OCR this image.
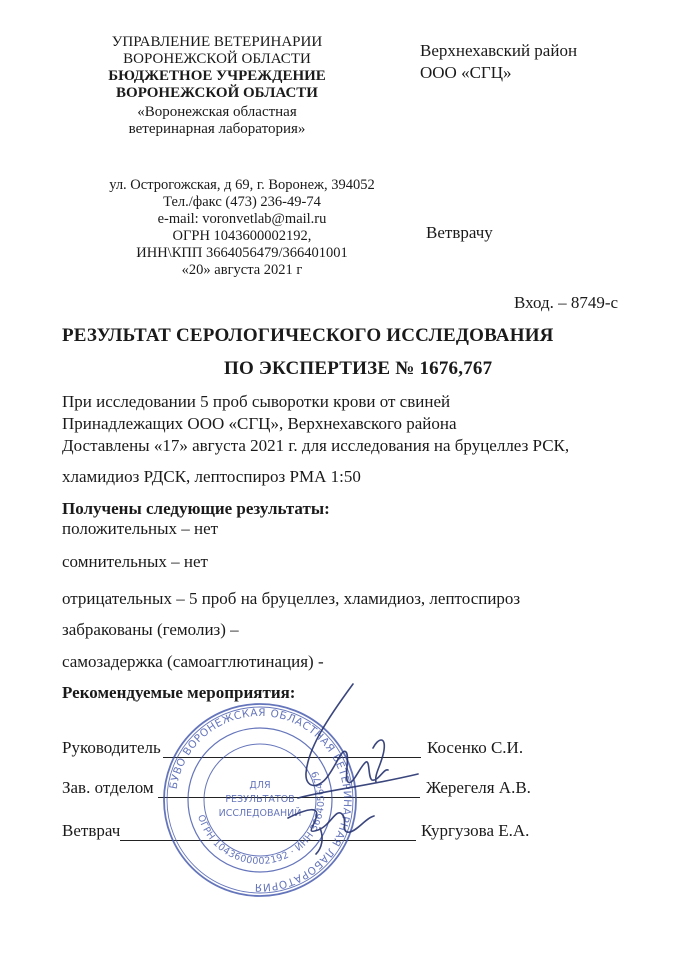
УПРАВЛЕНИЕ ВЕТЕРИНАРИИ
ВОРОНЕЖСКОЙ ОБЛАСТИ
БЮДЖЕТНОЕ УЧРЕЖДЕНИЕ
ВОРОНЕЖСКОЙ ОБЛАСТИ
«Воронежская областная
ветеринарная лаборатория»
ул. Острогожская, д 69, г. Воронеж, 394052
Тел./факс (473) 236-49-74
e-mail: voronvetlab@mail.ru
ОГРН 1043600002192,
ИНН\КПП 3664056479/366401001
«20» августа 2021 г
Верхнехавский район
ООО «СГЦ»
Ветврачу
Вход. – 8749-с
РЕЗУЛЬТАТ СЕРОЛОГИЧЕСКОГО ИССЛЕДОВАНИЯ
ПО ЭКСПЕРТИЗЕ № 1676,767
При исследовании 5 проб сыворотки крови от свиней
Принадлежащих ООО «СГЦ», Верхнехавского района
Доставлены «17» августа 2021 г. для исследования на бруцеллез РСК,
хламидиоз РДСК, лептоспироз РМА 1:50
Получены следующие результаты:
положительных – нет
сомнительных – нет
отрицательных – 5 проб на бруцеллез, хламидиоз, лептоспироз
забракованы (гемолиз) –
самозадержка (самоагглютинация) -
Рекомендуемые мероприятия:
Руководитель	Косенко С.И.
Зав. отделом	Жерегеля А.В.
Ветврач	Кургузова Е.А.
БУВО ВОРОНЕЖСКАЯ ОБЛАСТНАЯ ВЕТЕРИНАРНАЯ ЛАБОРАТОРИЯ
ОГРН 1043600002192 · ИНН 3664056479
ДЛЯ
РЕЗУЛЬТАТОВ
ИССЛЕДОВАНИЙ
